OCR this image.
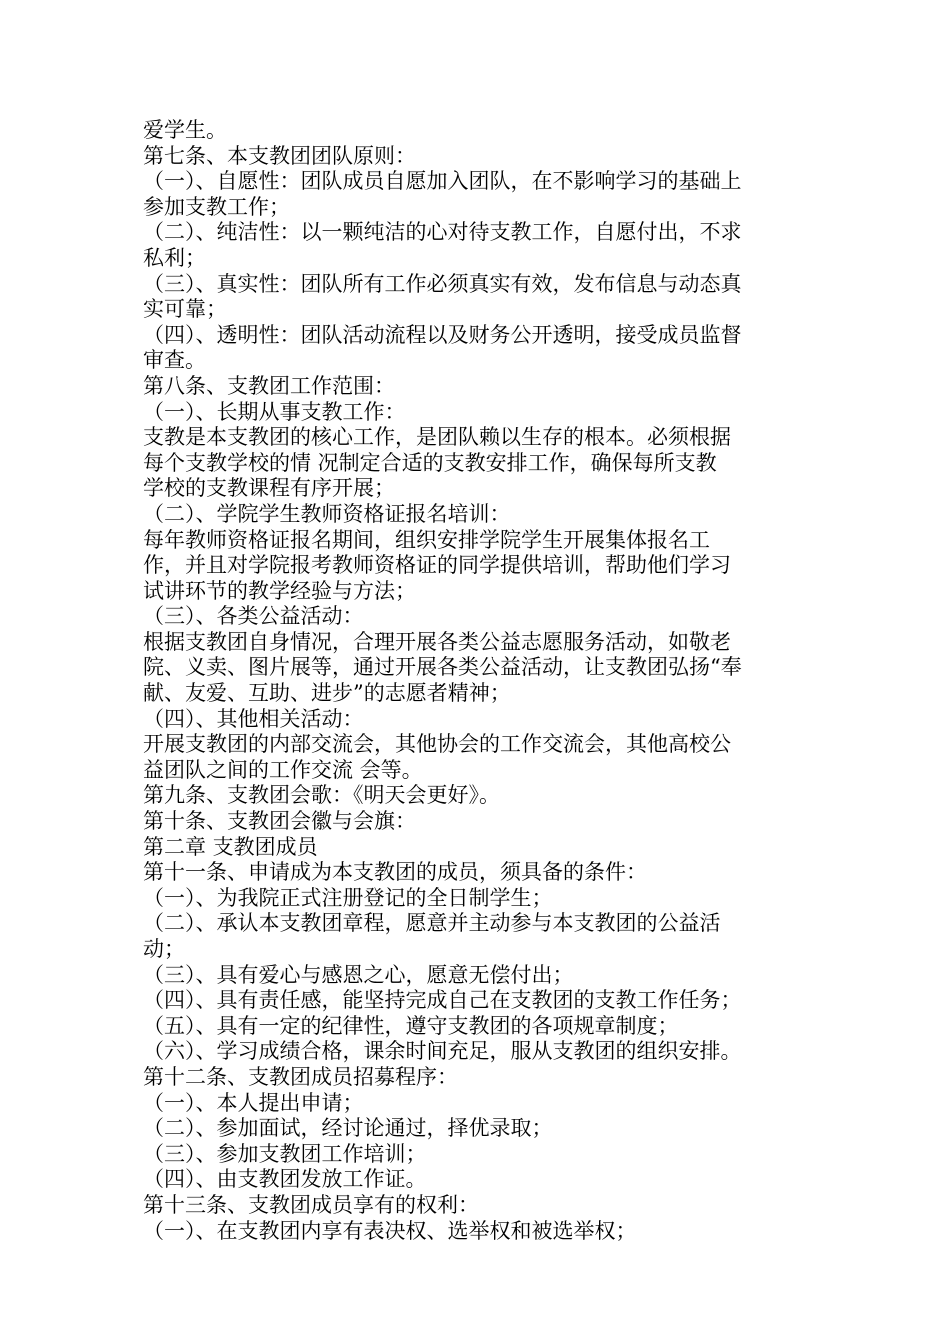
爱学生。
第七条、本支教团团队原则：
（一）、自愿性：团队成员自愿加入团队，在不影响学习的基础上
参加支教工作；
（二）、纯洁性：以一颗纯洁的心对待支教工作，自愿付出，不求
私利；
（三）、真实性：团队所有工作必须真实有效，发布信息与动态真
实可靠；
（四）、透明性：团队活动流程以及财务公开透明，接受成员监督
审查。
第八条、支教团工作范围：
（一）、长期从事支教工作：
支教是本支教团的核心工作，是团队赖以生存的根本。必须根据
每个支教学校的情 况制定合适的支教安排工作，确保每所支教
学校的支教课程有序开展；
（二）、学院学生教师资格证报名培训：
每年教师资格证报名期间，组织安排学院学生开展集体报名工
作，并且对学院报考教师资格证的同学提供培训，帮助他们学习
试讲环节的教学经验与方法；
（三）、各类公益活动：
根据支教团自身情况，合理开展各类公益志愿服务活动，如敬老
院、义卖、图片展等，通过开展各类公益活动，让支教团弘扬“奉
献、友爱、互助、进步”的志愿者精神；
（四）、其他相关活动：
开展支教团的内部交流会，其他协会的工作交流会，其他高校公
益团队之间的工作交流 会等。
第九条、支教团会歌：《明天会更好》。
第十条、支教团会徽与会旗：
第二章 支教团成员
第十一条、申请成为本支教团的成员，须具备的条件：
（一）、为我院正式注册登记的全日制学生；
（二）、承认本支教团章程，愿意并主动参与本支教团的公益活
动；
（三）、具有爱心与感恩之心，愿意无偿付出；
（四）、具有责任感，能坚持完成自己在支教团的支教工作任务；
（五）、具有一定的纪律性，遵守支教团的各项规章制度；
（六）、学习成绩合格，课余时间充足，服从支教团的组织安排。
第十二条、支教团成员招募程序：
（一）、本人提出申请；
（二）、参加面试，经讨论通过，择优录取；
（三）、参加支教团工作培训；
（四）、由支教团发放工作证。
第十三条、支教团成员享有的权利：
（一）、在支教团内享有表决权、选举权和被选举权；
